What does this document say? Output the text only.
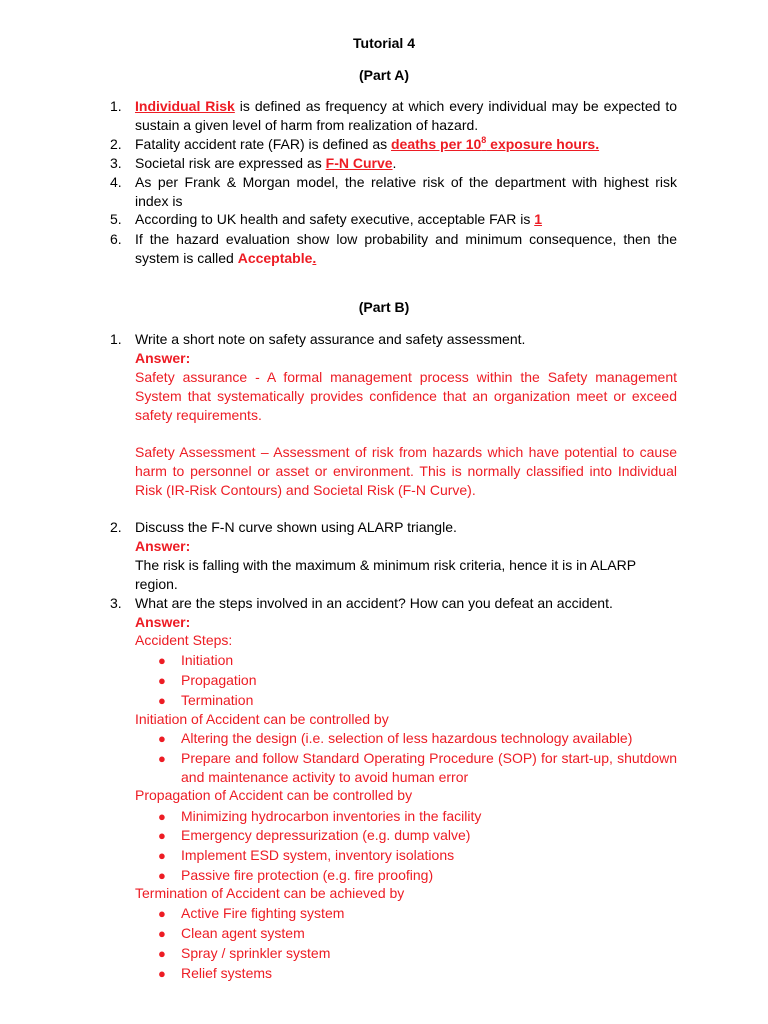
Tutorial 4
(Part A)
1. Individual Risk is defined as frequency at which every individual may be expected to sustain a given level of harm from realization of hazard.
2. Fatality accident rate (FAR) is defined as deaths per $10^8$ exposure hours.
3. Societal risk are expressed as F-N Curve.
4. As per Frank & Morgan model, the relative risk of the department with highest risk index is
5. According to UK health and safety executive, acceptable FAR is 1
6. If the hazard evaluation show low probability and minimum consequence, then the system is called Acceptable.
(Part B)
1. Write a short note on safety assurance and safety assessment.
Answer:
Safety assurance - A formal management process within the Safety management System that systematically provides confidence that an organization meet or exceed safety requirements.
Safety Assessment – Assessment of risk from hazards which have potential to cause harm to personnel or asset or environment. This is normally classified into Individual Risk (IR-Risk Contours) and Societal Risk (F-N Curve).
2. Discuss the F-N curve shown using ALARP triangle.
Answer:
The risk is falling with the maximum & minimum risk criteria, hence it is in ALARP region.
3. What are the steps involved in an accident? How can you defeat an accident.
Answer:
Accident Steps:
● Initiation
● Propagation
● Termination
Initiation of Accident can be controlled by
● Altering the design (i.e. selection of less hazardous technology available)
● Prepare and follow Standard Operating Procedure (SOP) for start-up, shutdown and maintenance activity to avoid human error
Propagation of Accident can be controlled by
● Minimizing hydrocarbon inventories in the facility
● Emergency depressurization (e.g. dump valve)
● Implement ESD system, inventory isolations
● Passive fire protection (e.g. fire proofing)
Termination of Accident can be achieved by
● Active Fire fighting system
● Clean agent system
● Spray / sprinkler system
● Relief systems
